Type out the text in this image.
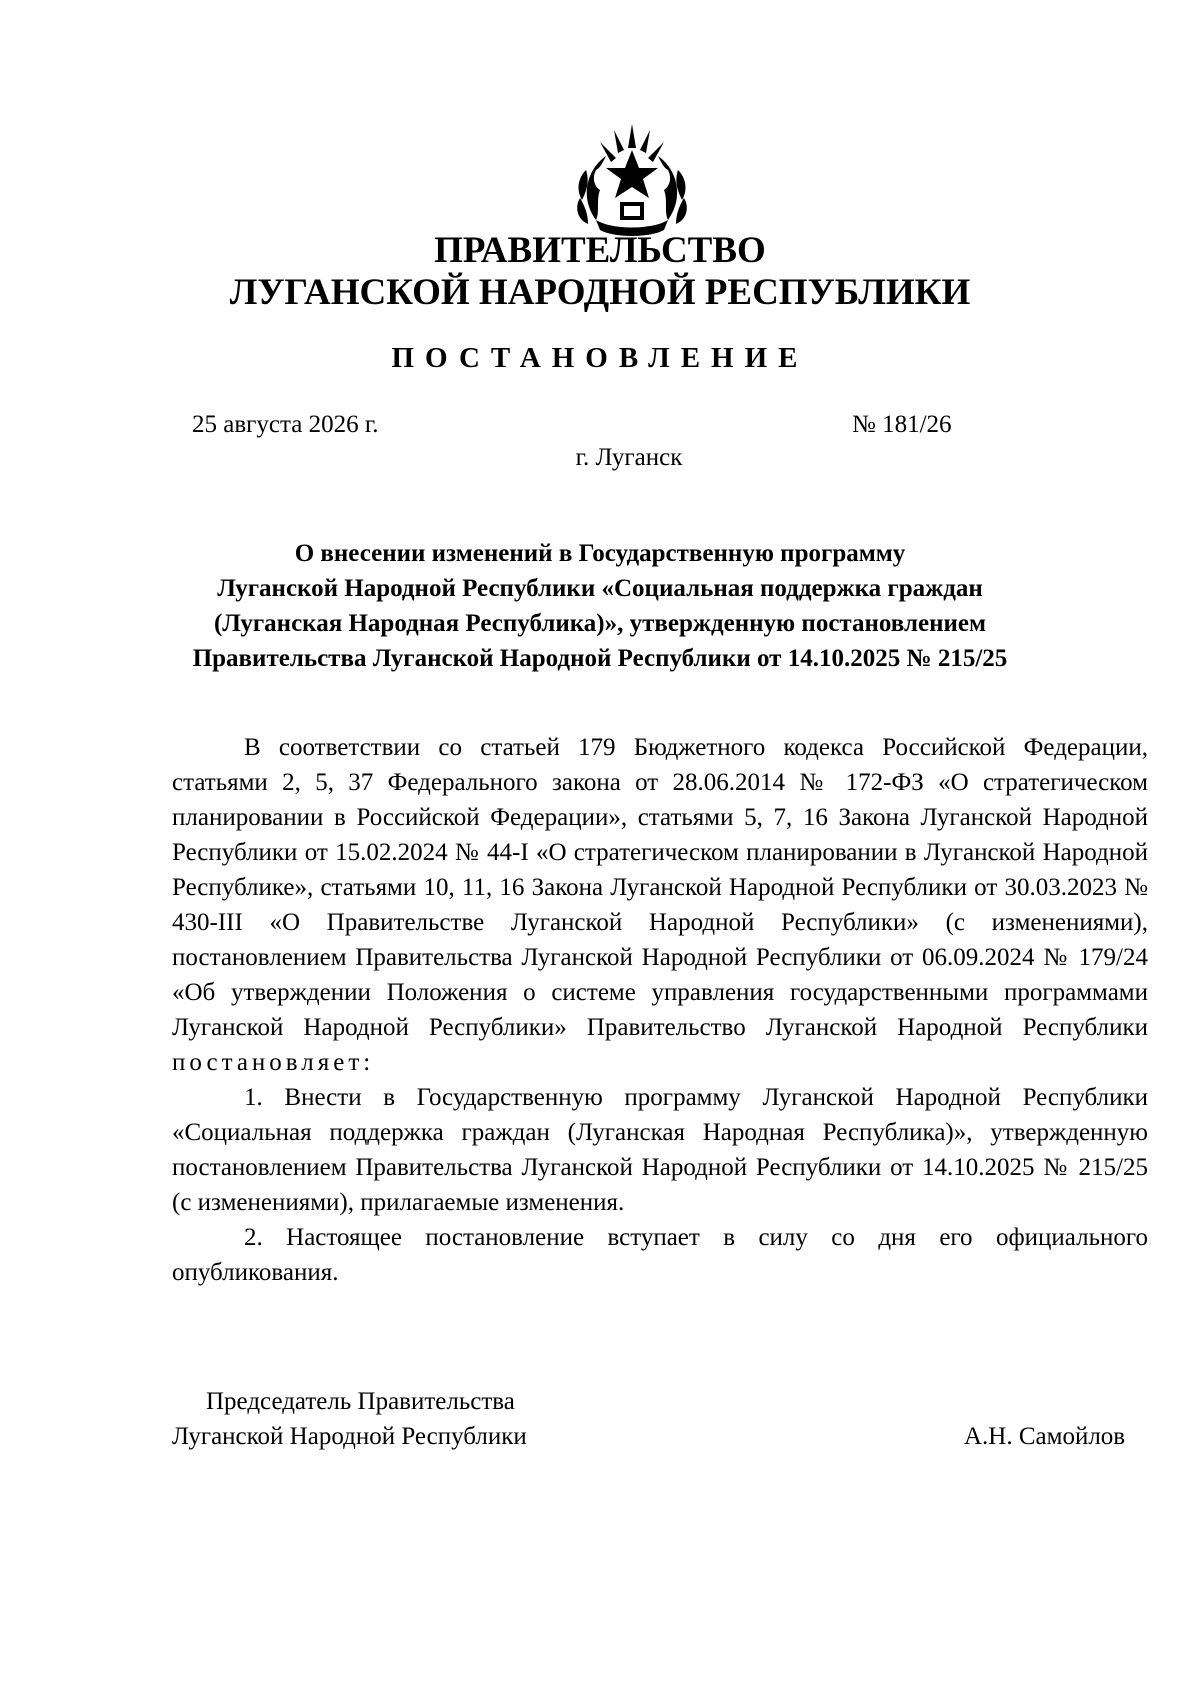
ПРАВИТЕЛЬСТВО
ЛУГАНСКОЙ НАРОДНОЙ РЕСПУБЛИКИ
ПОСТАНОВЛЕНИЕ
25 августа 2026 г.	№ 181/26
г. Луганск
О внесении изменений в Государственную программу
Луганской Народной Республики «Социальная поддержка граждан
(Луганская Народная Республика)», утвержденную постановлением
Правительства Луганской Народной Республики от 14.10.2025 № 215/25

В соответствии со статьей 179 Бюджетного кодекса Российской Федерации, статьями 2, 5, 37 Федерального закона от 28.06.2014 № 172-ФЗ «О стратегическом планировании в Российской Федерации», статьями 5, 7, 16 Закона Луганской Народной Республики от 15.02.2024 № 44-I «О стратегическом планировании в Луганской Народной Республике», статьями 10, 11, 16 Закона Луганской Народной Республики от 30.03.2023 № 430-III «О Правительстве Луганской Народной Республики» (с изменениями), постановлением Правительства Луганской Народной Республики от 06.09.2024 № 179/24 «Об утверждении Положения о системе управления государственными программами Луганской Народной Республики» Правительство Луганской Народной Республики постановляет:

1. Внести в Государственную программу Луганской Народной Республики «Социальная поддержка граждан (Луганская Народная Республика)», утвержденную постановлением Правительства Луганской Народной Республики от 14.10.2025 № 215/25 (с изменениями), прилагаемые изменения.

2. Настоящее постановление вступает в силу со дня его официального опубликования.

Председатель Правительства
Луганской Народной Республики	А.Н. Самойлов
